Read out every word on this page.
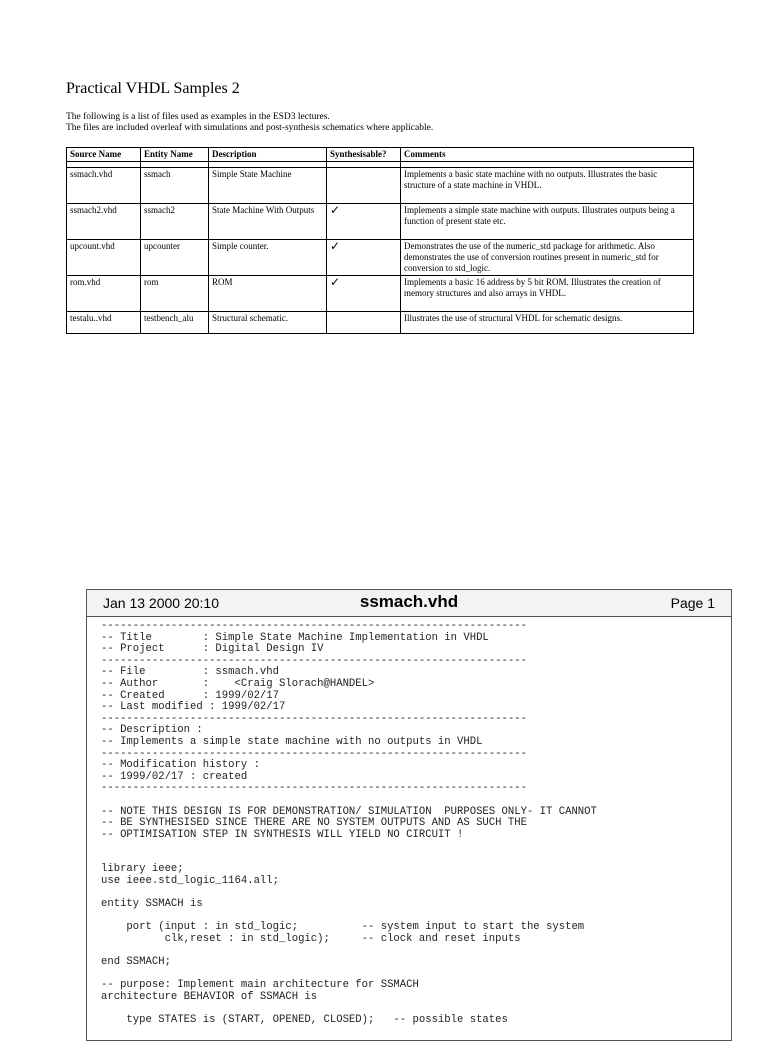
Practical VHDL Samples 2
The following is a list of files used as examples in the ESD3 lectures.
The files are included overleaf with simulations and post-synthesis schematics where applicable.
Source Name	Entity Name	Description	Synthesisable?	Comments

ssmach.vhd	ssmach	Simple State Machine		Implements a basic state machine with no outputs. Illustrates the basic structure of a state machine in VHDL.
ssmach2.vhd	ssmach2	State Machine With Outputs	✓	Implements a simple state machine with outputs. Illustrates outputs being a function of present state etc.
upcount.vhd	upcounter	Simple counter.	✓	Demonstrates the use of the numeric_std package for arithmetic. Also demonstrates the use of conversion routines present in numeric_std for conversion to std_logic.
rom.vhd	rom	ROM	✓	Implements a basic 16 address by 5 bit ROM. Illustrates the creation of memory structures and also arrays in VHDL.
testalu..vhd	testbench_alu	Structural schematic.		Illustrates the use of structural VHDL for schematic designs.
Jan 13 2000 20:10	ssmach.vhd	Page 1
-------------------------------------------------------------------
-- Title        : Simple State Machine Implementation in VHDL
-- Project      : Digital Design IV
-------------------------------------------------------------------
-- File         : ssmach.vhd
-- Author       :    <Craig Slorach@HANDEL>
-- Created      : 1999/02/17
-- Last modified : 1999/02/17
-------------------------------------------------------------------
-- Description :
-- Implements a simple state machine with no outputs in VHDL
-------------------------------------------------------------------
-- Modification history :
-- 1999/02/17 : created
-------------------------------------------------------------------
-- NOTE THIS DESIGN IS FOR DEMONSTRATION/ SIMULATION  PURPOSES ONLY- IT CANNOT
-- BE SYNTHESISED SINCE THERE ARE NO SYSTEM OUTPUTS AND AS SUCH THE
-- OPTIMISATION STEP IN SYNTHESIS WILL YIELD NO CIRCUIT !
library ieee;
use ieee.std_logic_1164.all;
entity SSMACH is
port (input : in std_logic;          -- system input to start the system
clk,reset : in std_logic);     -- clock and reset inputs
end SSMACH;
-- purpose: Implement main architecture for SSMACH
architecture BEHAVIOR of SSMACH is
type STATES is (START, OPENED, CLOSED);   -- possible states
